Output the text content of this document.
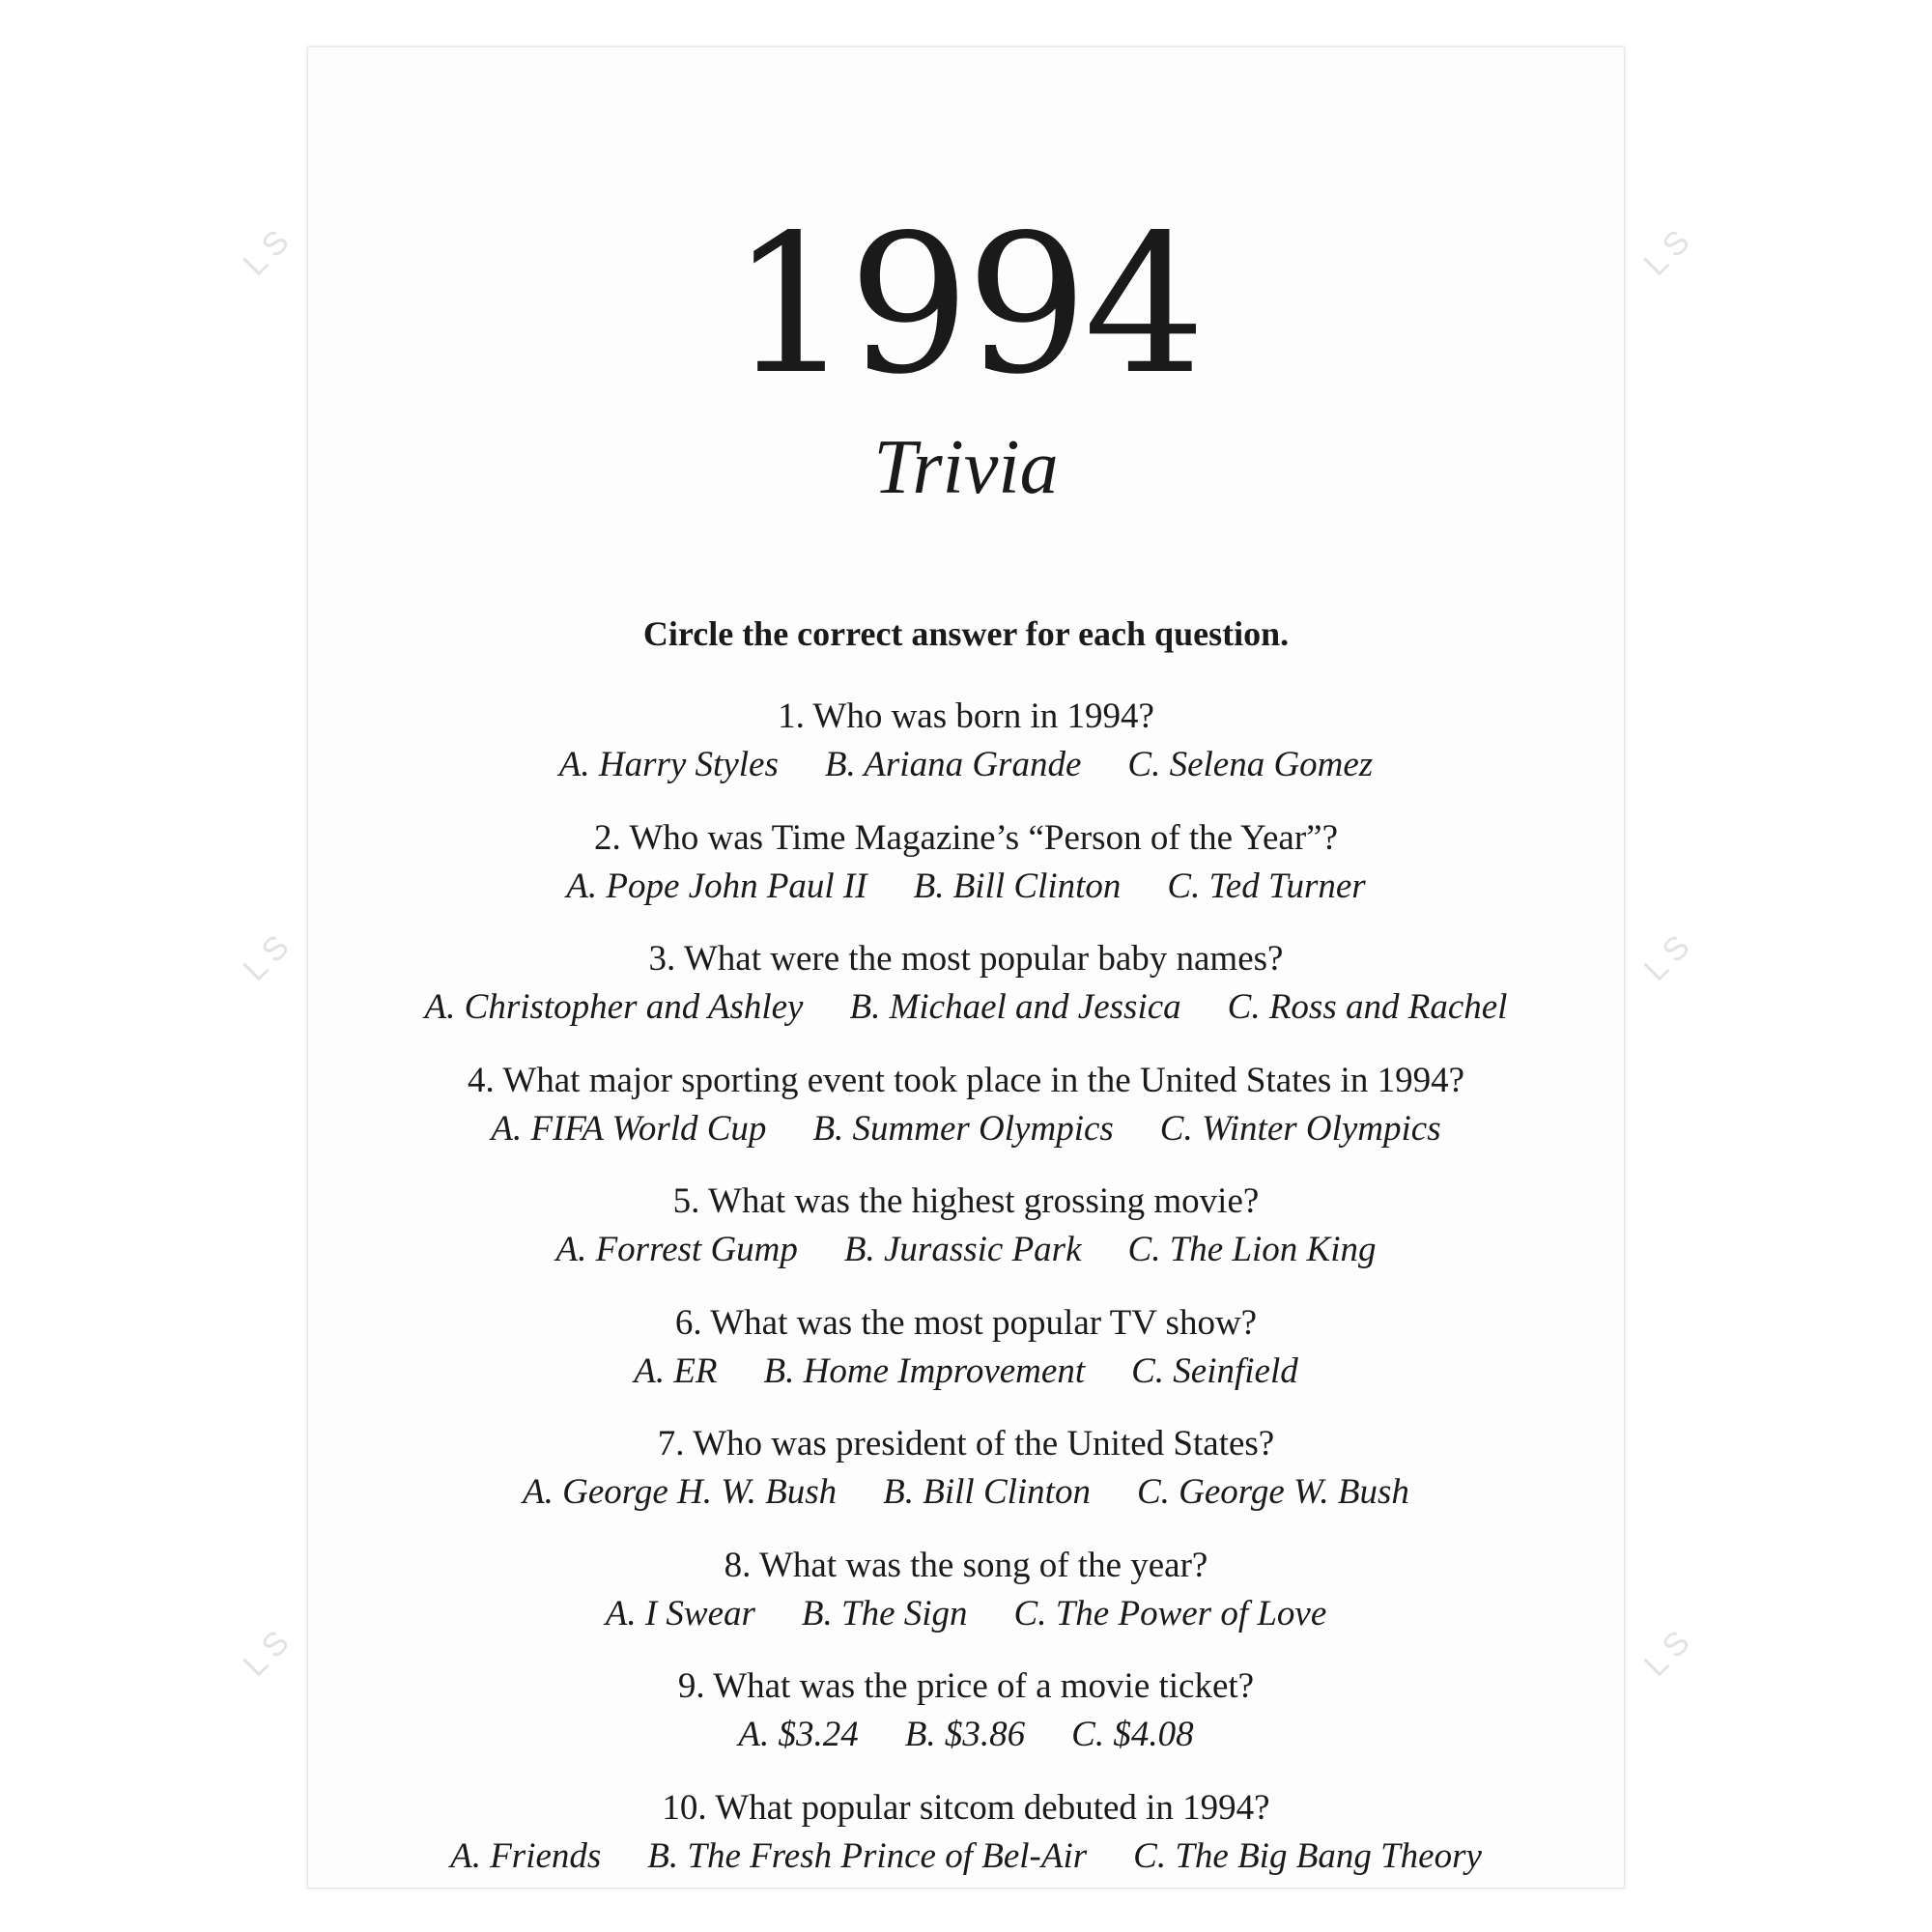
1994
Trivia
Circle the correct answer for each question.
1. Who was born in 1994?
A. Harry Styles B. Ariana Grande C. Selena Gomez
2. Who was Time Magazine’s “Person of the Year”?
A. Pope John Paul II B. Bill Clinton C. Ted Turner
3. What were the most popular baby names?
A. Christopher and Ashley B. Michael and Jessica C. Ross and Rachel
4. What major sporting event took place in the United States in 1994?
A. FIFA World Cup B. Summer Olympics C. Winter Olympics
5. What was the highest grossing movie?
A. Forrest Gump B. Jurassic Park C. The Lion King
6. What was the most popular TV show?
A. ER B. Home Improvement C. Seinfield
7. Who was president of the United States?
A. George H. W. Bush B. Bill Clinton C. George W. Bush
8. What was the song of the year?
A. I Swear B. The Sign C. The Power of Love
9. What was the price of a movie ticket?
A. $3.24 B. $3.86 C. $4.08
10. What popular sitcom debuted in 1994?
A. Friends B. The Fresh Prince of Bel-Air C. The Big Bang Theory
LS	LS
LS	LS
LS	LS
